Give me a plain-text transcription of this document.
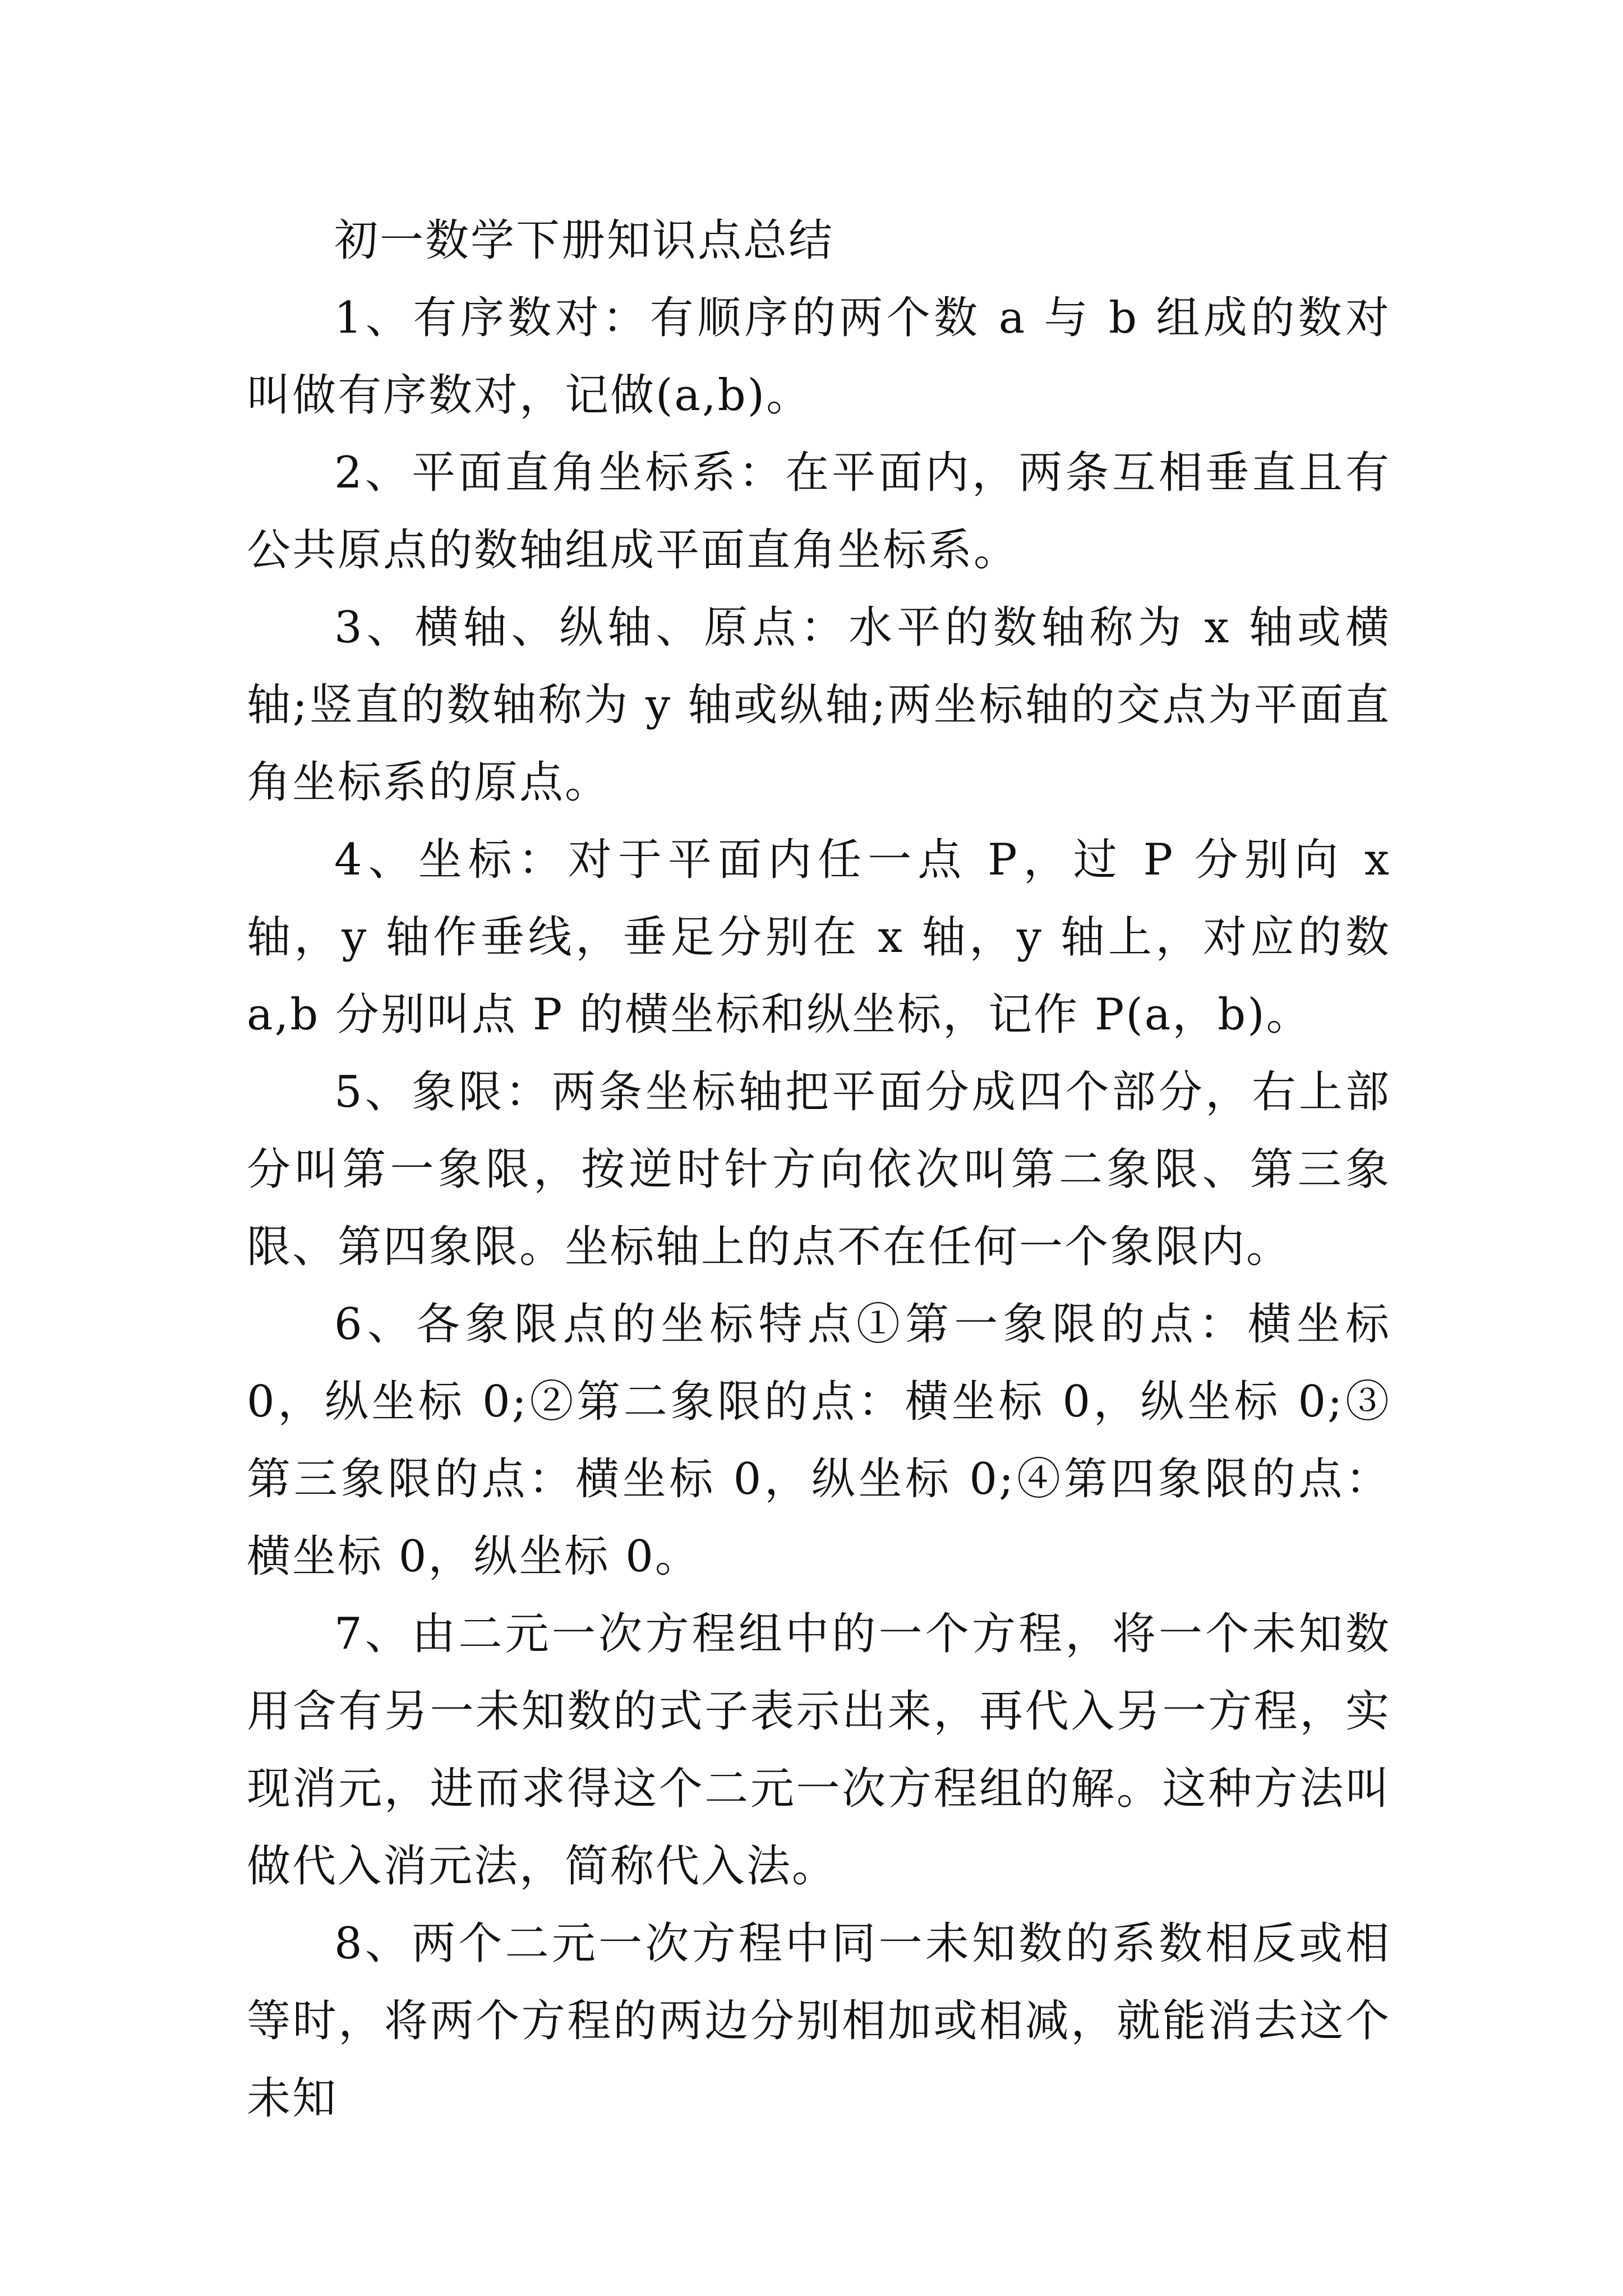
初一数学下册知识点总结

1、有序数对：有顺序的两个数 a 与 b 组成的数对叫做有序数对，记做(a,b)。

2、平面直角坐标系：在平面内，两条互相垂直且有公共原点的数轴组成平面直角坐标系。

3、横轴、纵轴、原点：水平的数轴称为 x 轴或横轴;竖直的数轴称为 y 轴或纵轴;两坐标轴的交点为平面直角坐标系的原点。

4、坐标：对于平面内任一点 P，过 P 分别向 x 轴，y 轴作垂线，垂足分别在 x 轴，y 轴上，对应的数 a,b 分别叫点 P 的横坐标和纵坐标，记作 P(a，b)。

5、象限：两条坐标轴把平面分成四个部分，右上部分叫第一象限，按逆时针方向依次叫第二象限、第三象限、第四象限。坐标轴上的点不在任何一个象限内。

6、各象限点的坐标特点①第一象限的点：横坐标 0，纵坐标 0;②第二象限的点：横坐标 0，纵坐标 0;③第三象限的点：横坐标 0，纵坐标 0;④第四象限的点：横坐标 0，纵坐标 0。

7、由二元一次方程组中的一个方程，将一个未知数用含有另一未知数的式子表示出来，再代入另一方程，实现消元，进而求得这个二元一次方程组的解。这种方法叫做代入消元法，简称代入法。

8、两个二元一次方程中同一未知数的系数相反或相等时，将两个方程的两边分别相加或相减，就能消去这个未知
